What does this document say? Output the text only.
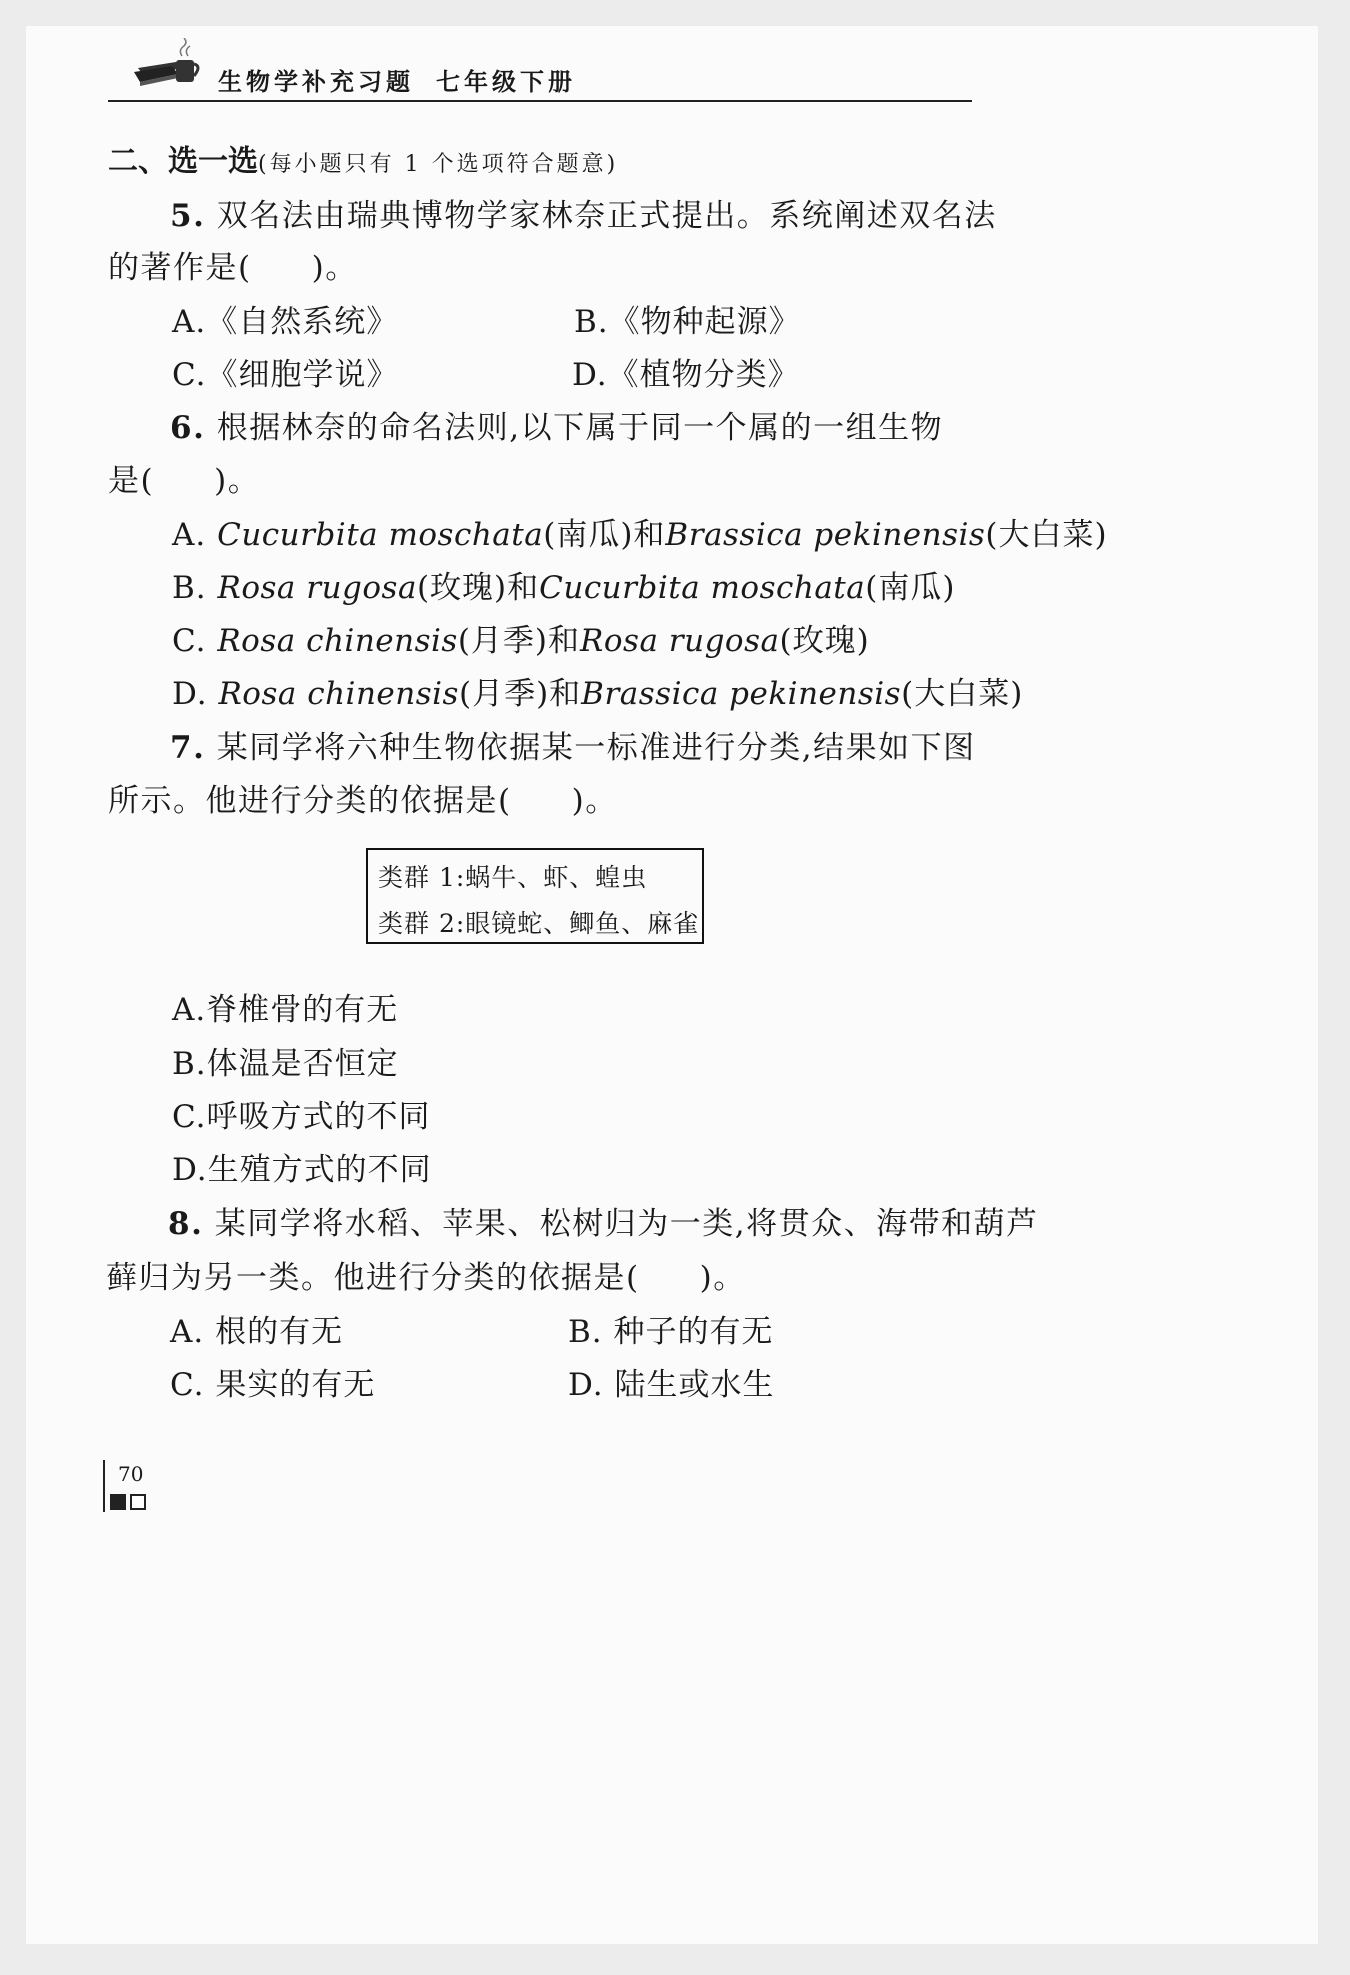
生物学补充习题 七年级下册
二、选一选(每小题只有 1 个选项符合题意)
5. 双名法由瑞典博物学家林奈正式提出。系统阐述双名法
的著作是( )。
A.《自然系统》	B.《物种起源》
C.《细胞学说》	D.《植物分类》
6. 根据林奈的命名法则,以下属于同一个属的一组生物
是( )。
A. Cucurbita moschata(南瓜)和Brassica pekinensis(大白菜)
B. Rosa rugosa(玫瑰)和Cucurbita moschata(南瓜)
C. Rosa chinensis(月季)和Rosa rugosa(玫瑰)
D. Rosa chinensis(月季)和Brassica pekinensis(大白菜)
7. 某同学将六种生物依据某一标准进行分类,结果如下图
所示。他进行分类的依据是( )。
类群 1:蜗牛、虾、蝗虫
类群 2:眼镜蛇、鲫鱼、麻雀
A.脊椎骨的有无
B.体温是否恒定
C.呼吸方式的不同
D.生殖方式的不同
8. 某同学将水稻、苹果、松树归为一类,将贯众、海带和葫芦
藓归为另一类。他进行分类的依据是( )。
A. 根的有无	B. 种子的有无
C. 果实的有无	D. 陆生或水生
70
